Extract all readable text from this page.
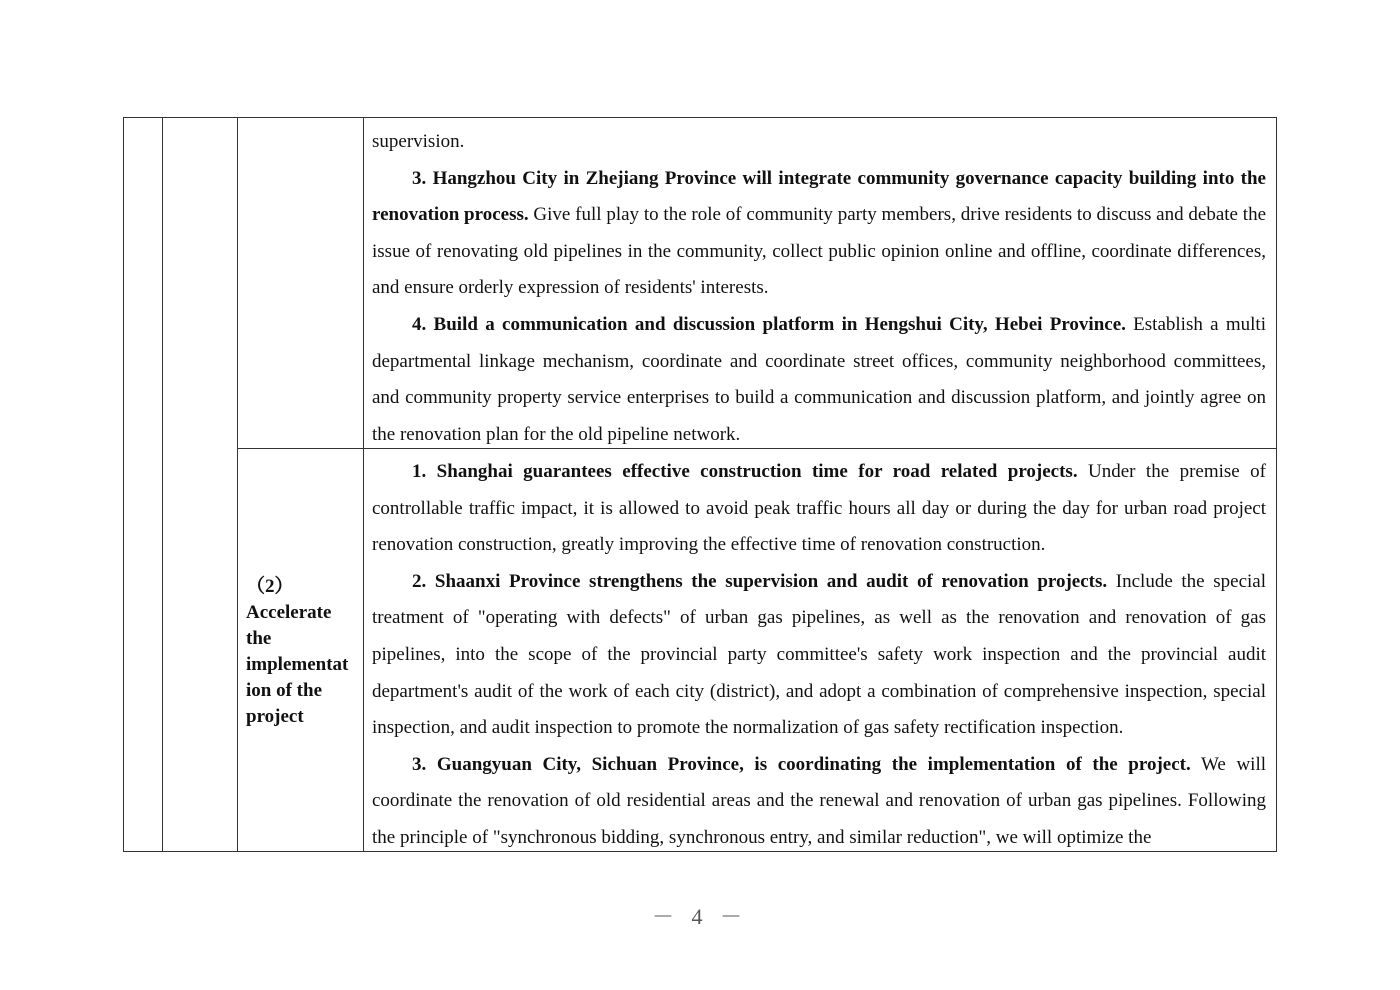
supervision.

3. Hangzhou City in Zhejiang Province will integrate community governance capacity building into the renovation process. Give full play to the role of community party members, drive residents to discuss and debate the issue of renovating old pipelines in the community, collect public opinion online and offline, coordinate differences, and ensure orderly expression of residents' interests.

4. Build a communication and discussion platform in Hengshui City, Hebei Province. Establish a multi departmental linkage mechanism, coordinate and coordinate street offices, community neighborhood committees, and community property service enterprises to build a communication and discussion platform, and jointly agree on the renovation plan for the old pipeline network.

（2）
Accelerate
the
implementat
ion of the
project

1. Shanghai guarantees effective construction time for road related projects. Under the premise of controllable traffic impact, it is allowed to avoid peak traffic hours all day or during the day for urban road project renovation construction, greatly improving the effective time of renovation construction.

2. Shaanxi Province strengthens the supervision and audit of renovation projects. Include the special treatment of "operating with defects" of urban gas pipelines, as well as the renovation and renovation of gas pipelines, into the scope of the provincial party committee's safety work inspection and the provincial audit department's audit of the work of each city (district), and adopt a combination of comprehensive inspection, special inspection, and audit inspection to promote the normalization of gas safety rectification inspection.

3. Guangyuan City, Sichuan Province, is coordinating the implementation of the project. We will coordinate the renovation of old residential areas and the renewal and renovation of urban gas pipelines. Following the principle of "synchronous bidding, synchronous entry, and similar reduction", we will optimize the

－ 4 －
